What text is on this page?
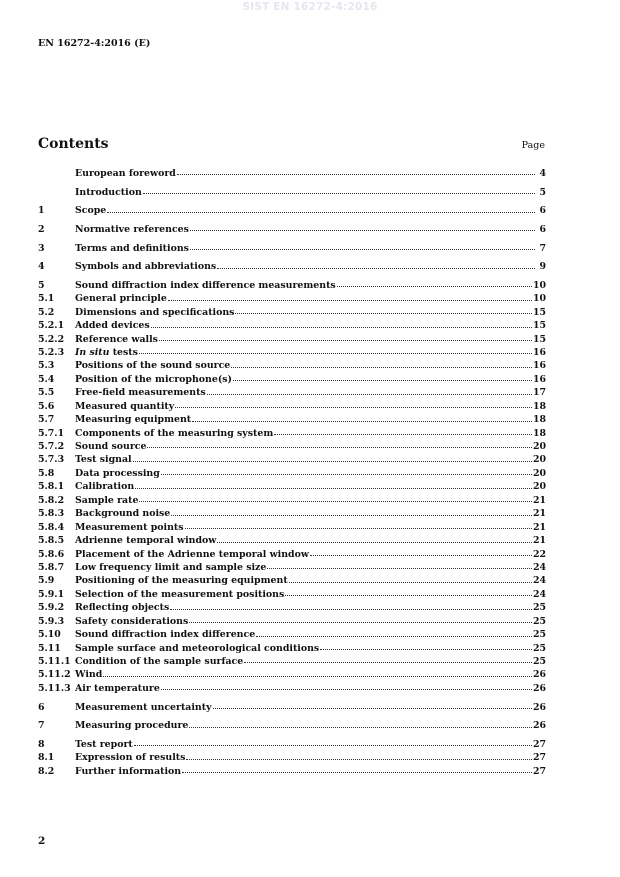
SIST EN 16272-4:2016
EN 16272-4:2016 (E)
Contents	Page
European foreword	4
Introduction	5
1	Scope	6
2	Normative references	6
3	Terms and definitions	7
4	Symbols and abbreviations	9
5	Sound diffraction index difference measurements	10
5.1	General principle	10
5.2	Dimensions and specifications	15
5.2.1	Added devices	15
5.2.2	Reference walls	15
5.2.3	In situ tests	16
5.3	Positions of the sound source	16
5.4	Position of the microphone(s)	16
5.5	Free-field measurements	17
5.6	Measured quantity	18
5.7	Measuring equipment	18
5.7.1	Components of the measuring system	18
5.7.2	Sound source	20
5.7.3	Test signal	20
5.8	Data processing	20
5.8.1	Calibration	20
5.8.2	Sample rate	21
5.8.3	Background noise	21
5.8.4	Measurement points	21
5.8.5	Adrienne temporal window	21
5.8.6	Placement of the Adrienne temporal window	22
5.8.7	Low frequency limit and sample size	24
5.9	Positioning of the measuring equipment	24
5.9.1	Selection of the measurement positions	24
5.9.2	Reflecting objects	25
5.9.3	Safety considerations	25
5.10	Sound diffraction index difference	25
5.11	Sample surface and meteorological conditions	25
5.11.1 Condition of the sample surface	25
5.11.2 Wind	26
5.11.3 Air temperature	26
6	Measurement uncertainty	26
7	Measuring procedure	26
8	Test report	27
8.1	Expression of results	27
8.2	Further information	27
2
